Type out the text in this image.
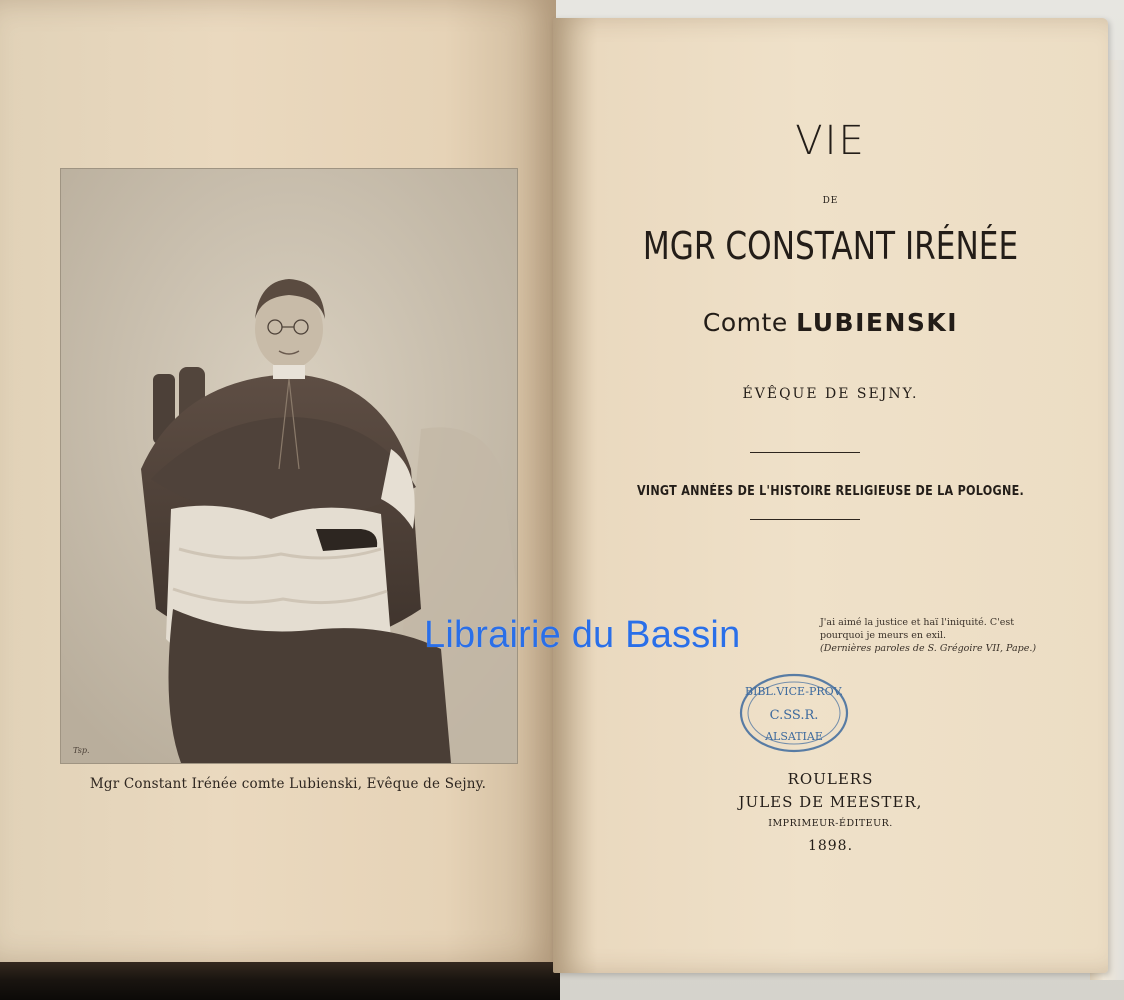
Tsp.
Mgr Constant Irénée comte Lubienski, Evêque de Sejny.
VIE
DE
MGR CONSTANT IRÉNÉE
Comte LUBIENSKI
ÉVÊQUE DE SEJNY.
VINGT ANNÉES DE L'HISTOIRE RELIGIEUSE DE LA POLOGNE.
J'ai aimé la justice et haï l'iniquité. C'est
pourquoi je meurs en exil.
(Dernières paroles de S. Grégoire VII, Pape.)
BIBL.VICE-PROV.
C.SS.R.
ALSATIAE
ROULERS
JULES DE MEESTER,
IMPRIMEUR-ÉDITEUR.
1898.
Librairie du Bassin
